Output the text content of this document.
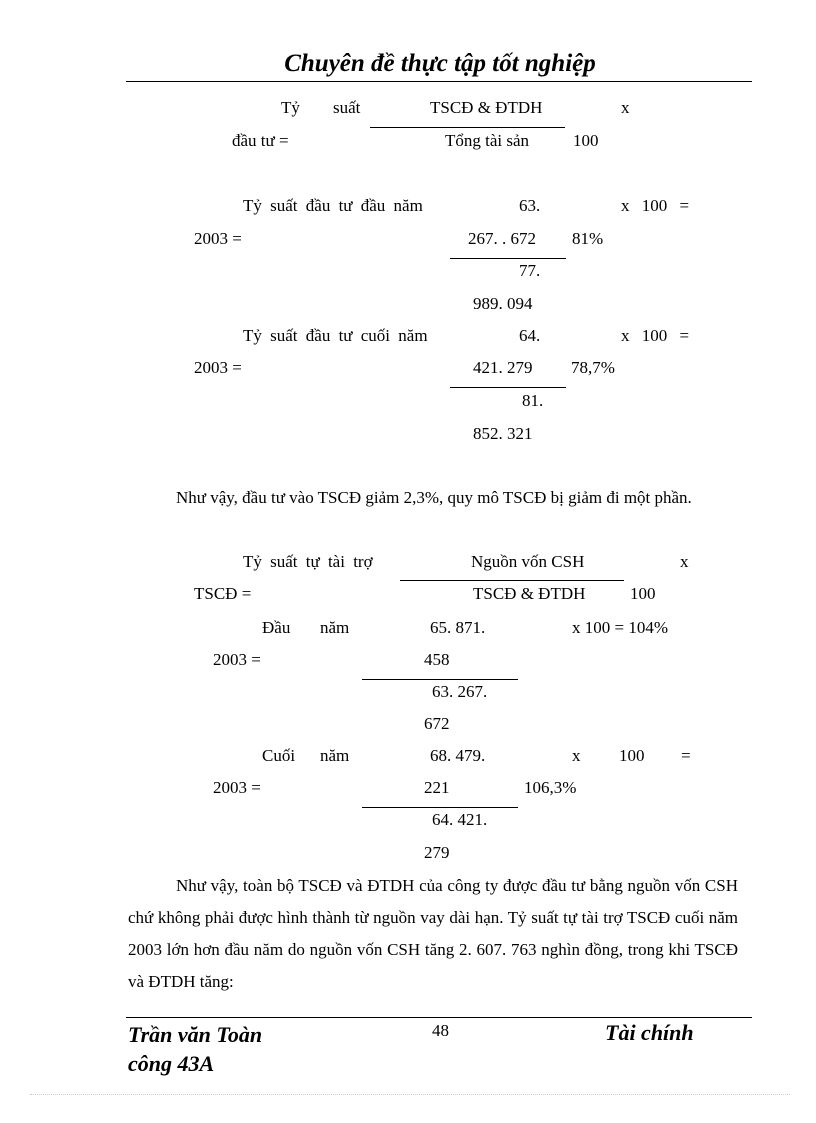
Chuyên đề thực tập tốt nghiệp
Tỷ suất
đầu tư =
TSCĐ & ĐTDH
Tổng tài sản
x
100
Tỷ suất đầu tư đầu năm
2003 =
63.
267. . 672
77.
989. 094
x 100 =
81%
Tỷ suất đầu tư cuối năm
2003 =
64.
421. 279
81.
852. 321
x 100 =
78,7%
Như vậy, đầu tư vào TSCĐ giảm 2,3%, quy mô TSCĐ bị giảm đi một phần.
Tỷ suất tự tài trợ
TSCĐ =
Nguồn vốn CSH
TSCĐ & ĐTDH
x
100
Đầu năm
2003 =
65. 871.
458
63. 267.
672
x 100 = 104%
Cuối năm
2003 =
68. 479.
221
64. 421.
279
x 100 =
106,3%
Như vậy, toàn bộ TSCĐ và ĐTDH của công ty được đầu tư bằng nguồn vốn CSH chứ không phải được hình thành từ nguồn vay dài hạn. Tỷ suất tự tài trợ TSCĐ cuối năm 2003 lớn hơn đầu năm do nguồn vốn CSH tăng 2. 607. 763 nghìn đồng, trong khi TSCĐ và ĐTDH tăng:
Trần văn Toàn
công 43A
48	Tài chính
